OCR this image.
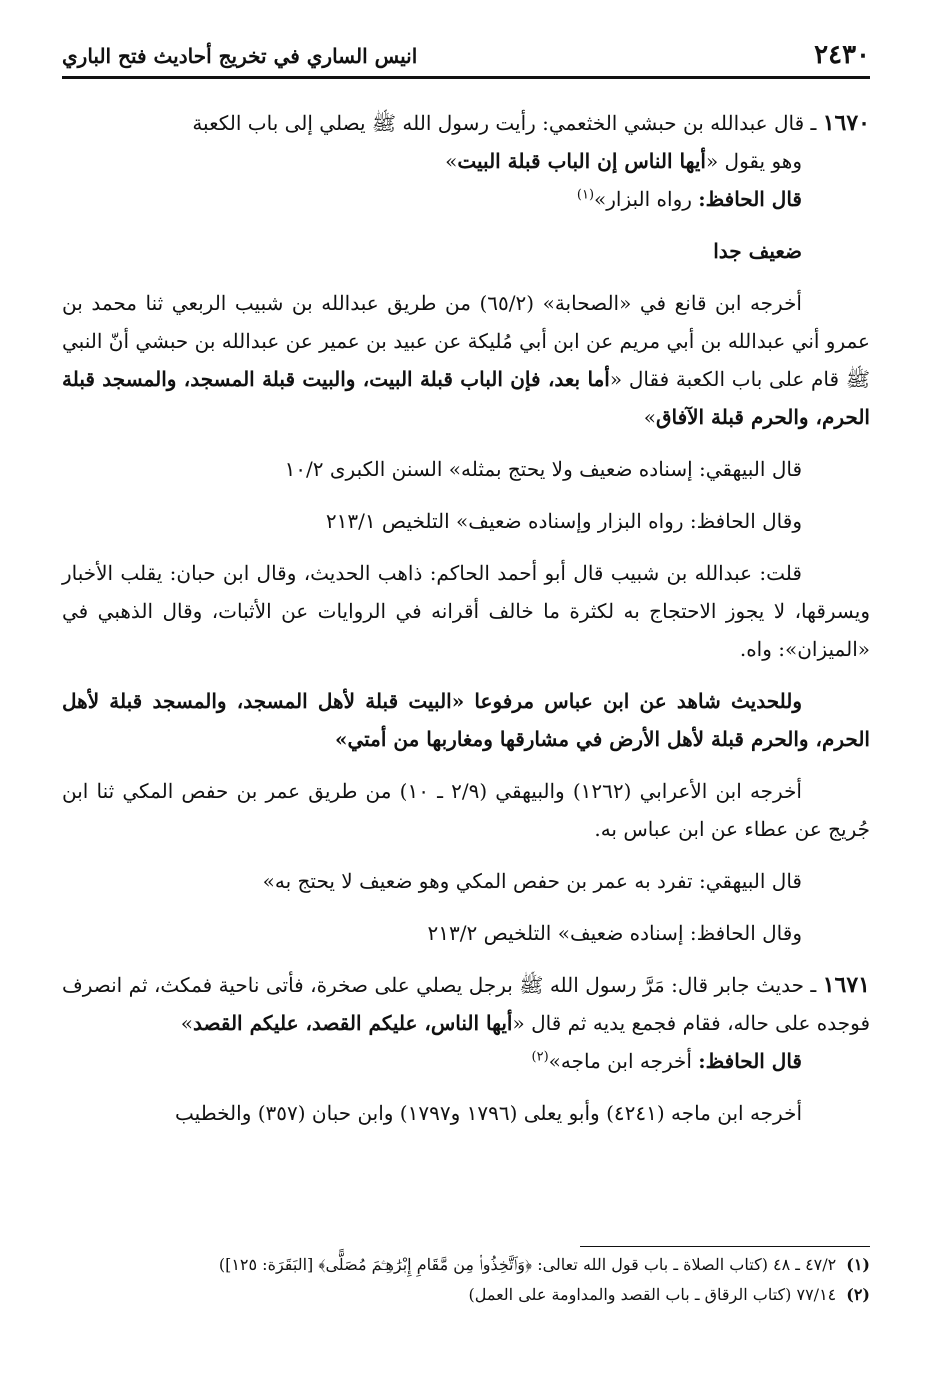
٢٤٣٠
انيس الساري في تخريج أحاديث فتح الباري

١٦٧٠ ـ قال عبدالله بن حبشي الخثعمي: رأيت رسول الله ﷺ يصلي إلى باب الكعبة

وهو يقول «أيها الناس إن الباب قبلة البيت»

قال الحافظ: رواه البزار»$^{(١)}$

ضعيف جدا

أخرجه ابن قانع في «الصحابة» (٦٥/٢) من طريق عبدالله بن شبيب الربعي ثنا محمد بن عمرو أني عبدالله بن أبي مريم عن ابن أبي مُليكة عن عبيد بن عمير عن عبدالله بن حبشي أنّ النبي ﷺ قام على باب الكعبة فقال «أما بعد، فإن الباب قبلة البيت، والبيت قبلة المسجد، والمسجد قبلة الحرم، والحرم قبلة الآفاق»

قال البيهقي: إسناده ضعيف ولا يحتج بمثله» السنن الكبرى ١٠/٢

وقال الحافظ: رواه البزار وإسناده ضعيف» التلخيص ٢١٣/١

قلت: عبدالله بن شبيب قال أبو أحمد الحاكم: ذاهب الحديث، وقال ابن حبان: يقلب الأخبار ويسرقها، لا يجوز الاحتجاج به لكثرة ما خالف أقرانه في الروايات عن الأثبات، وقال الذهبي في «الميزان»: واه.

وللحديث شاهد عن ابن عباس مرفوعا «البيت قبلة لأهل المسجد، والمسجد قبلة لأهل الحرم، والحرم قبلة لأهل الأرض في مشارقها ومغاربها من أمتي»

أخرجه ابن الأعرابي (١٢٦٢) والبيهقي (٢/٩ ـ ١٠) من طريق عمر بن حفص المكي ثنا ابن جُريج عن عطاء عن ابن عباس به.

قال البيهقي: تفرد به عمر بن حفص المكي وهو ضعيف لا يحتج به»

وقال الحافظ: إسناده ضعيف» التلخيص ٢١٣/٢

١٦٧١ ـ حديث جابر قال: مَرَّ رسول الله ﷺ برجل يصلي على صخرة، فأتى ناحية فمكث، ثم انصرف فوجده على حاله، فقام فجمع يديه ثم قال «أيها الناس، عليكم القصد، عليكم القصد»

قال الحافظ: أخرجه ابن ماجه»$^{(٢)}$

أخرجه ابن ماجه (٤٢٤١) وأبو يعلى (١٧٩٦ و١٧٩٧) وابن حبان (٣٥٧) والخطيب

(١)٤٧/٢ ـ ٤٨ (كتاب الصلاة ـ باب قول الله تعالى: ﴿وَٱتَّخِذُوا۟ مِن مَّقَامِ إِبْرَٰهِـۧمَ مُصَلًّى﴾ [البَقَرَة: ١٢٥])
(٢)٧٧/١٤ (كتاب الرقاق ـ باب القصد والمداومة على العمل)
